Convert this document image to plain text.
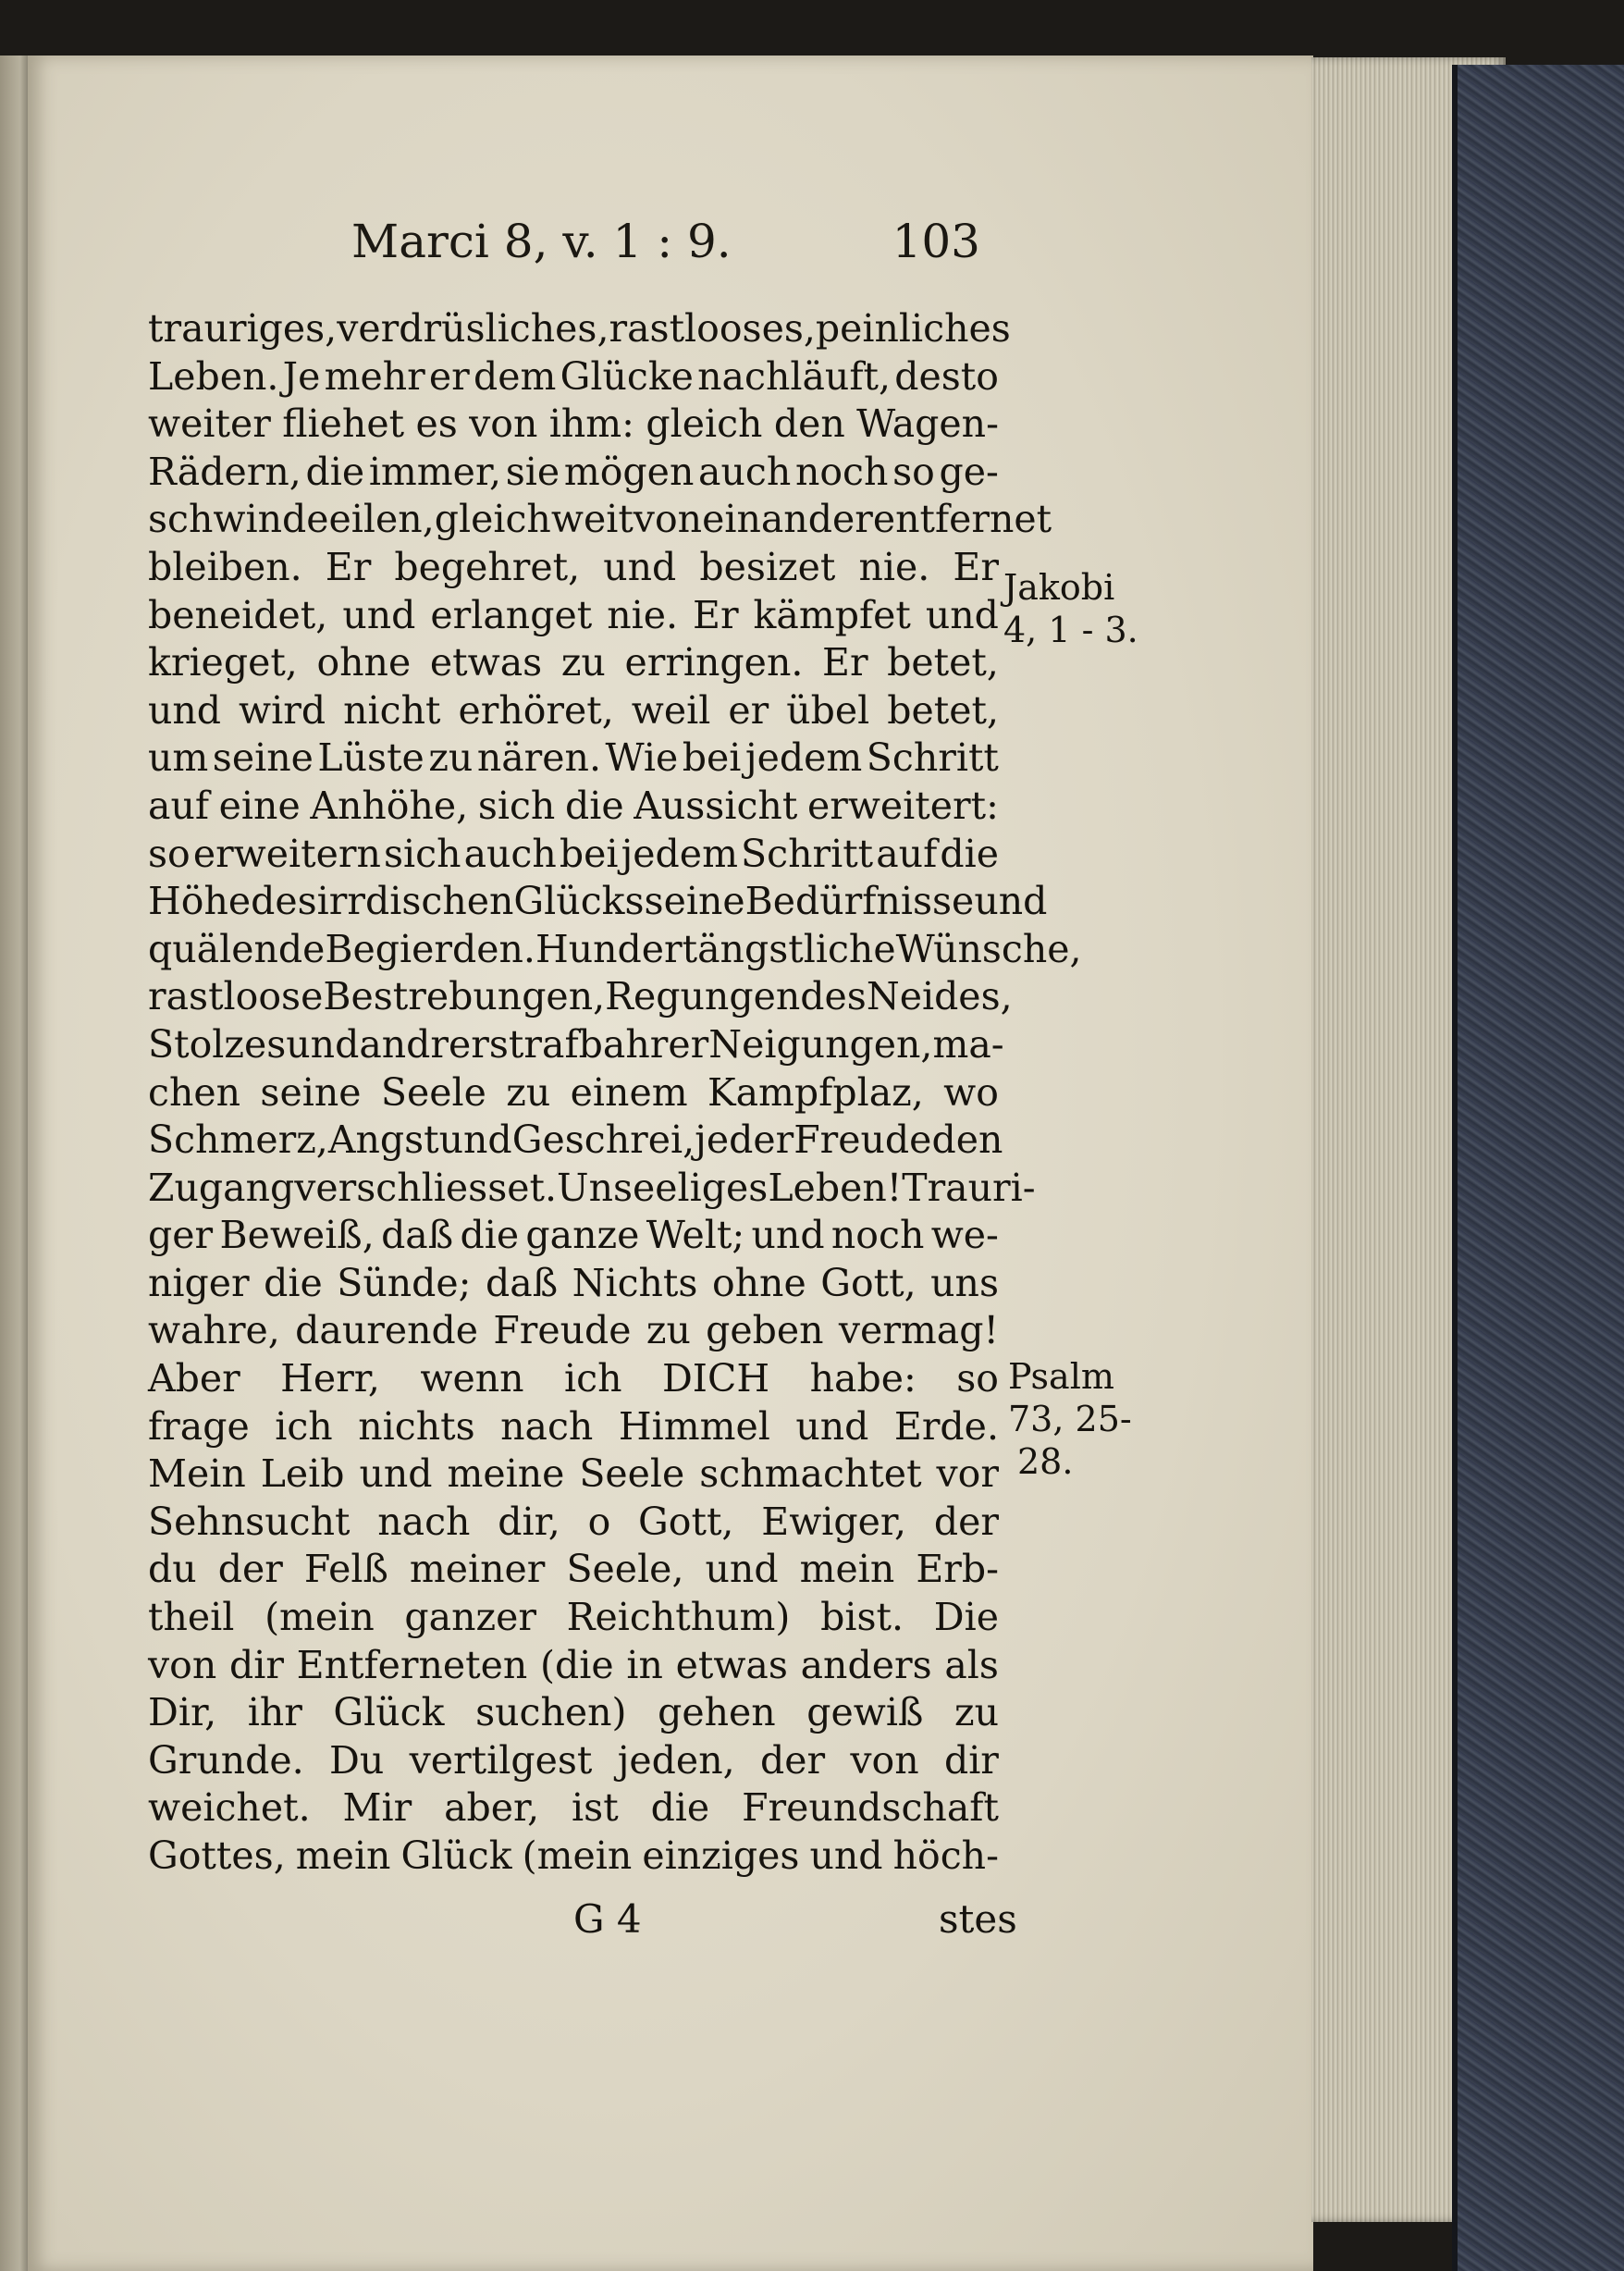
Marci 8, v. 1 : 9.	103
trauriges, verdrüsliches, rastlooses, peinliches
Leben. Je mehr er dem Glücke nachläuft, desto
weiter fliehet es von ihm: gleich den Wagen-
Rädern, die immer, sie mögen auch noch so ge-
schwinde eilen, gleich weit von einander entfernet
bleiben. Er begehret, und besizet nie. Er
beneidet, und erlanget nie. Er kämpfet und
krieget, ohne etwas zu erringen. Er betet,
und wird nicht erhöret, weil er übel betet,
um seine Lüste zu nären. Wie bei jedem Schritt
auf eine Anhöhe, sich die Aussicht erweitert:
so erweitern sich auch bei jedem Schritt auf die
Höhe des irrdischen Glücks seine Bedürfnisse und
quälende Begierden. Hundert ängstliche Wünsche,
rastloose Bestrebungen, Regungen des Neides,
Stolzes und andrer strafbahrer Neigungen, ma-
chen seine Seele zu einem Kampfplaz, wo
Schmerz, Angst und Geschrei, jeder Freude den
Zugang verschliesset. Unseeliges Leben! Trauri-
ger Beweiß, daß die ganze Welt; und noch we-
niger die Sünde; daß Nichts ohne Gott, uns
wahre, daurende Freude zu geben vermag!
Aber Herr, wenn ich DICH habe: so
frage ich nichts nach Himmel und Erde.
Mein Leib und meine Seele schmachtet vor
Sehnsucht nach dir, o Gott, Ewiger, der
du der Felß meiner Seele, und mein Erb-
theil (mein ganzer Reichthum) bist. Die
von dir Entferneten (die in etwas anders als
Dir, ihr Glück suchen) gehen gewiß zu
Grunde. Du vertilgest jeden, der von dir
weichet. Mir aber, ist die Freundschaft
Gottes, mein Glück (mein einziges und höch-
Jakobi
4, 1 - 3.
Psalm
73, 25-
28.
G 4	stes
